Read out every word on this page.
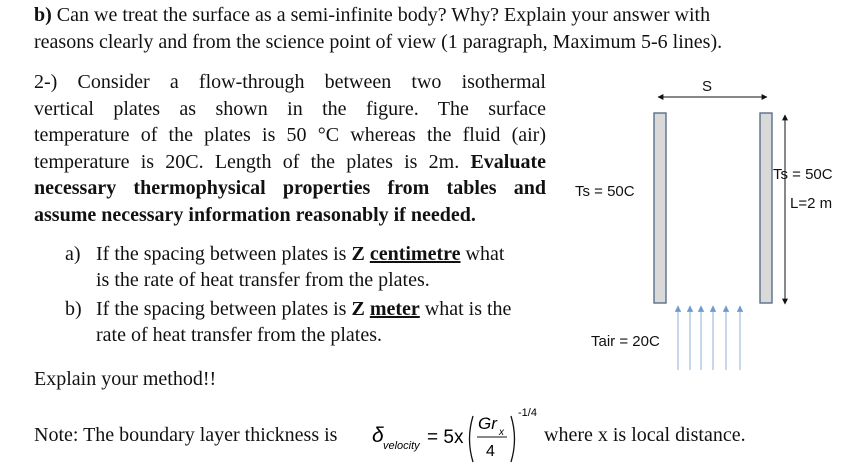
b) Can we treat the surface as a semi-infinite body? Why? Explain your answer with
reasons clearly and from the science point of view (1 paragraph, Maximum 5-6 lines).
2-) Consider a flow-through between two isothermal
vertical plates as shown in the figure. The surface
temperature of the plates is 50 °C whereas the fluid (air)
temperature is 20C. Length of the plates is 2m. Evaluate
necessary thermophysical properties from tables and
assume necessary information reasonably if needed.
a) If the spacing between plates is Z centimetre what
is the rate of heat transfer from the plates.
b) If the spacing between plates is Z meter what is the
rate of heat transfer from the plates.
Explain your method!!
Note: The boundary layer thickness is δ velocity = 5x
Gr x
4
-1/4
where x is local distance.
S
Ts = 50C
Ts = 50C
L=2 m
Tair = 20C
